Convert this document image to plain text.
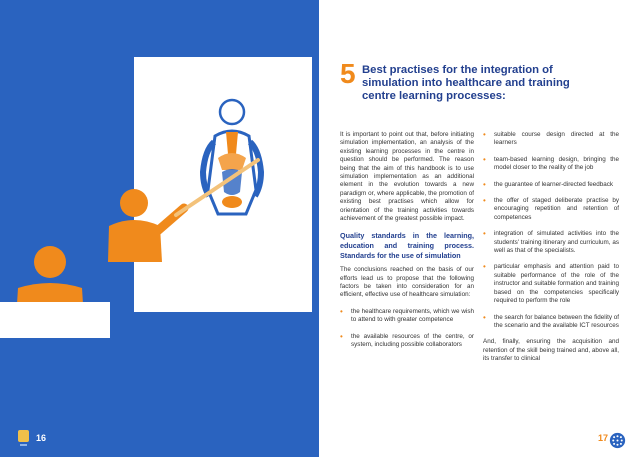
16
5 Best practises for the integration of simulation into healthcare and training centre learning processes:

It is important to point out that, before initiating simulation implementation, an analysis of the existing learning processes in the centre in question should be performed. The reason being that the aim of this handbook is to use simulation implementation as an additional element in the evolution towards a new paradigm or, where applicable, the promotion of existing best practises which allow for orientation of the training activities towards achievement of the greatest possible impact.

Quality standards in the learning, education and training process. Standards for the use of simulation

The conclusions reached on the basis of our efforts lead us to propose that the following factors be taken into consideration for an efficient, effective use of healthcare simulation:

• the healthcare requirements, which we wish to attend to with greater competence
• the available resources of the centre, or system, including possible collaborators
• suitable course design directed at the learners
• team-based learning design, bringing the model closer to the reality of the job
• the guarantee of learner-directed feedback
• the offer of staged deliberate practise by encouraging repetition and retention of competences
• integration of simulated activities into the students' training itinerary and curriculum, as well as that of the specialists.
• particular emphasis and attention paid to suitable performance of the role of the instructor and suitable formation and training based on the competencies specifically required to perform the role
• the search for balance between the fidelity of the scenario and the available ICT resources

And, finally, ensuring the acquisition and retention of the skill being trained and, above all, its transfer to clinical

17
